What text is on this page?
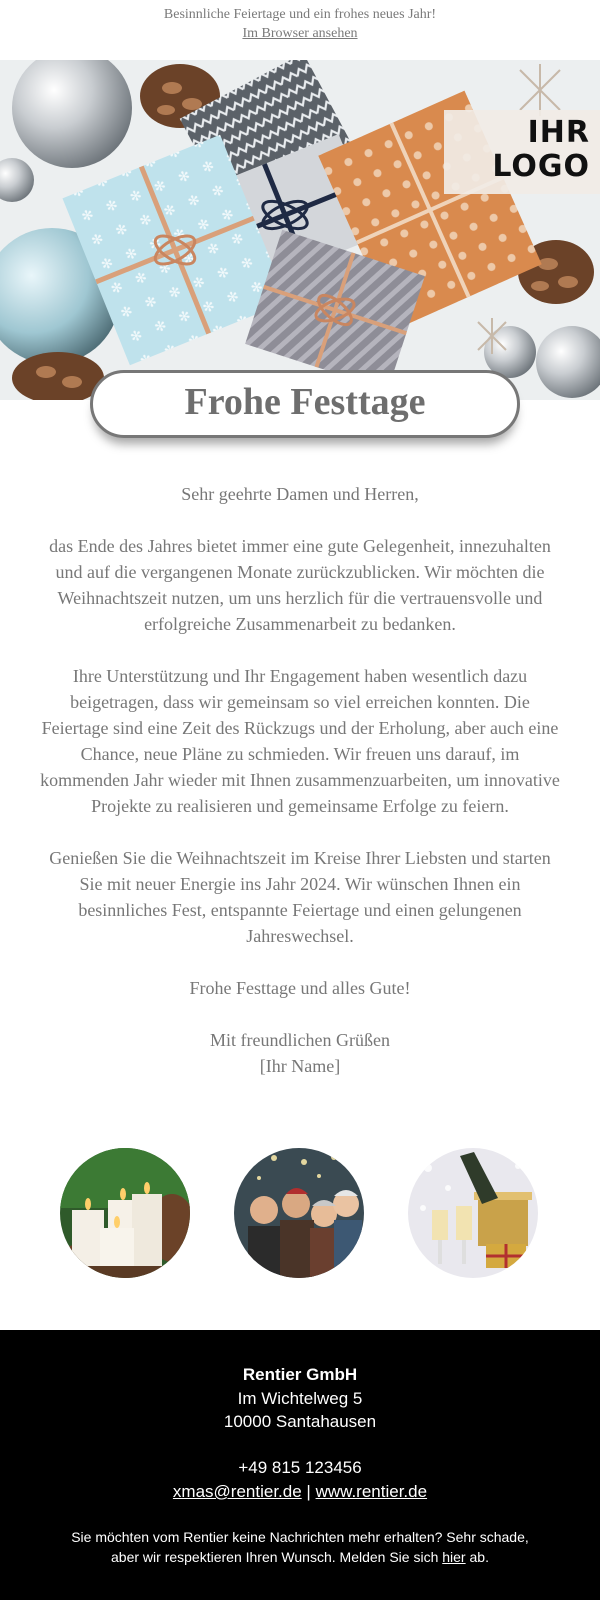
Besinnliche Feiertage und ein frohes neues Jahr!
Im Browser ansehen
IHR
LOGO
Frohe Festtage

Sehr geehrte Damen und Herren,

das Ende des Jahres bietet immer eine gute Gelegenheit, innezuhalten und auf die vergangenen Monate zurückzublicken. Wir möchten die Weihnachtszeit nutzen, um uns herzlich für die vertrauensvolle und erfolgreiche Zusammenarbeit zu bedanken.

Ihre Unterstützung und Ihr Engagement haben wesentlich dazu beigetragen, dass wir gemeinsam so viel erreichen konnten. Die Feiertage sind eine Zeit des Rückzugs und der Erholung, aber auch eine Chance, neue Pläne zu schmieden. Wir freuen uns darauf, im kommenden Jahr wieder mit Ihnen zusammenzuarbeiten, um innovative Projekte zu realisieren und gemeinsame Erfolge zu feiern.

Genießen Sie die Weihnachtszeit im Kreise Ihrer Liebsten und starten Sie mit neuer Energie ins Jahr 2024. Wir wünschen Ihnen ein besinnliches Fest, entspannte Feiertage und einen gelungenen Jahreswechsel.

Frohe Festtage und alles Gute!

Mit freundlichen Grüßen

[Ihr Name]

Rentier GmbH
Im Wichtelweg 5
10000 Santahausen
+49 815 123456
xmas@rentier.de | www.rentier.de
Sie möchten vom Rentier keine Nachrichten mehr erhalten? Sehr schade,
aber wir respektieren Ihren Wunsch. Melden Sie sich hier ab.
